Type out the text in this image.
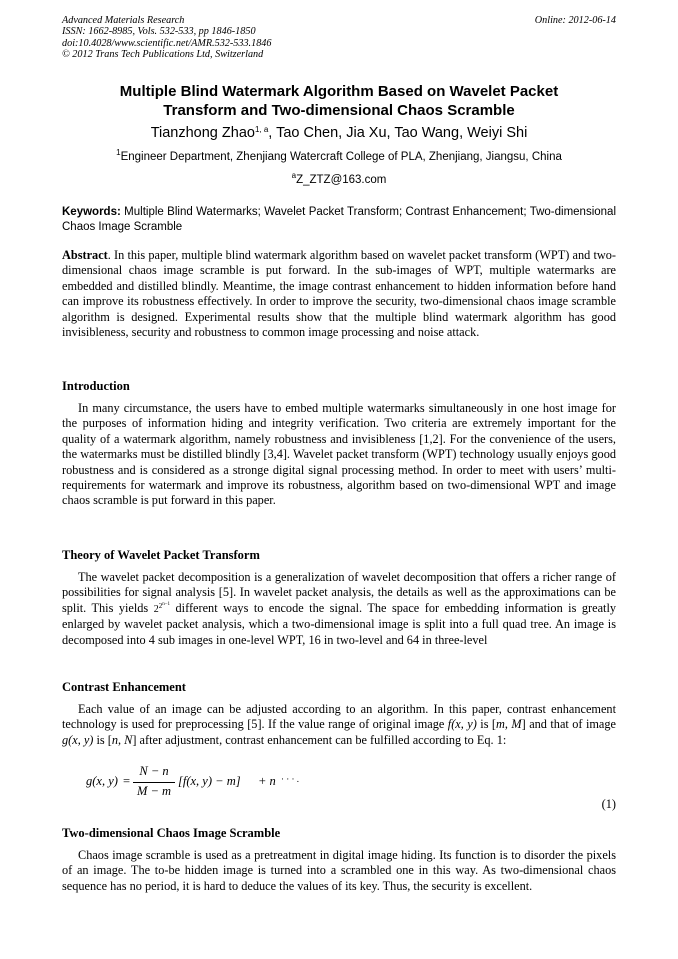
Advanced Materials Research
ISSN: 1662-8985, Vols. 532-533, pp 1846-1850
doi:10.4028/www.scientific.net/AMR.532-533.1846
© 2012 Trans Tech Publications Ltd, Switzerland
Online: 2012-06-14
Multiple Blind Watermark Algorithm Based on Wavelet Packet
Transform and Two-dimensional Chaos Scramble
Tianzhong Zhao$^{1, a}$, Tao Chen, Jia Xu, Tao Wang, Weiyi Shi
$^1$Engineer Department, Zhenjiang Watercraft College of PLA, Zhenjiang, Jiangsu, China
$^a$Z_ZTZ@163.com
Keywords: Multiple Blind Watermarks; Wavelet Packet Transform; Contrast Enhancement; Two-dimensional Chaos Image Scramble
Abstract. In this paper, multiple blind watermark algorithm based on wavelet packet transform (WPT) and two-dimensional chaos image scramble is put forward. In the sub-images of WPT, multiple watermarks are embedded and distilled blindly. Meantime, the image contrast enhancement to hidden information before hand can improve its robustness effectively. In order to improve the security, two-dimensional chaos image scramble algorithm is designed. Experimental results show that the multiple blind watermark algorithm has good invisibleness, security and robustness to common image processing and noise attack.
Introduction
In many circumstance, the users have to embed multiple watermarks simultaneously in one host image for the purposes of information hiding and integrity verification. Two criteria are extremely important for the quality of a watermark algorithm, namely robustness and invisibleness [1,2]. For the convenience of the users, the watermarks must be distilled blindly [3,4]. Wavelet packet transform (WPT) technology usually enjoys good robustness and is considered as a stronge digital signal processing method. In order to meet with users’ multi-requirements for watermark and improve its robustness, algorithm based on two-dimensional WPT and image chaos scramble is put forward in this paper.
Theory of Wavelet Packet Transform
The wavelet packet decomposition is a generalization of wavelet decomposition that offers a richer range of possibilities for signal analysis [5]. In wavelet packet analysis, the details as well as the approximations can be split. This yields $2^{2^{n-1}}$ different ways to encode the signal. The space for embedding information is greatly enlarged by wavelet packet analysis, which a two-dimensional image is split into a full quad tree. An image is decomposed into 4 sub images in one-level WPT, 16 in two-level and 64 in three-level
Contrast Enhancement
Each value of an image can be adjusted according to an algorithm. In this paper, contrast enhancement technology is used for preprocessing [5]. If the value range of original image f(x, y) is [m, M] and that of image g(x, y) is [n, N] after adjustment, contrast enhancement can be fulfilled according to Eq. 1:
g(x, y) =
N − n
M − m
[f(x, y) − m] + n · · · .
(1)
Two-dimensional Chaos Image Scramble
Chaos image scramble is used as a pretreatment in digital image hiding. Its function is to disorder the pixels of an image. The to-be hidden image is turned into a scrambled one in this way. As two-dimensional chaos sequence has no period, it is hard to deduce the values of its key. Thus, the security is excellent.
